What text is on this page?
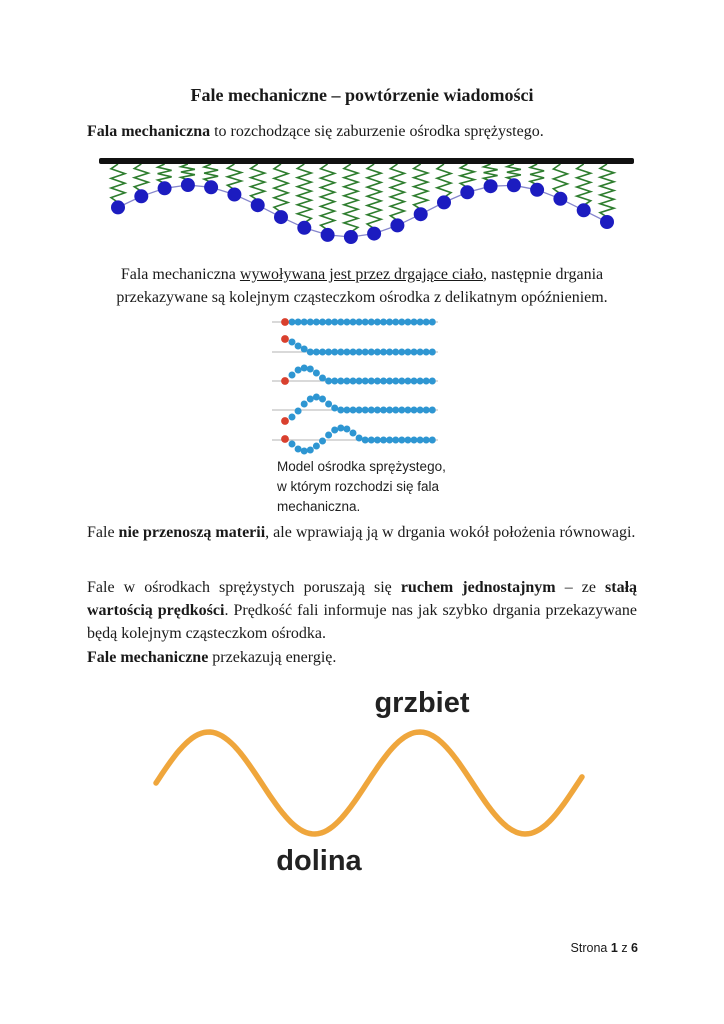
Fale mechaniczne – powtórzenie wiadomości

Fala mechaniczna to rozchodzące się zaburzenie ośrodka sprężystego.

Fala mechaniczna wywoływana jest przez drgające ciało, następnie drgania
przekazywane są kolejnym cząsteczkom ośrodka z delikatnym opóźnieniem.
Model ośrodka sprężystego,
w którym rozchodzi się fala
mechaniczna.

Fale nie przenoszą materii, ale wprawiają ją w drgania wokół położenia równowagi.

Fale w ośrodkach sprężystych poruszają się ruchem jednostajnym – ze stałą wartością prędkości. Prędkość fali informuje nas jak szybko drgania przekazywane będą kolejnym cząsteczkom ośrodka.

Fale mechaniczne przekazują energię.

grzbiet
dolina
Strona 1 z 6
